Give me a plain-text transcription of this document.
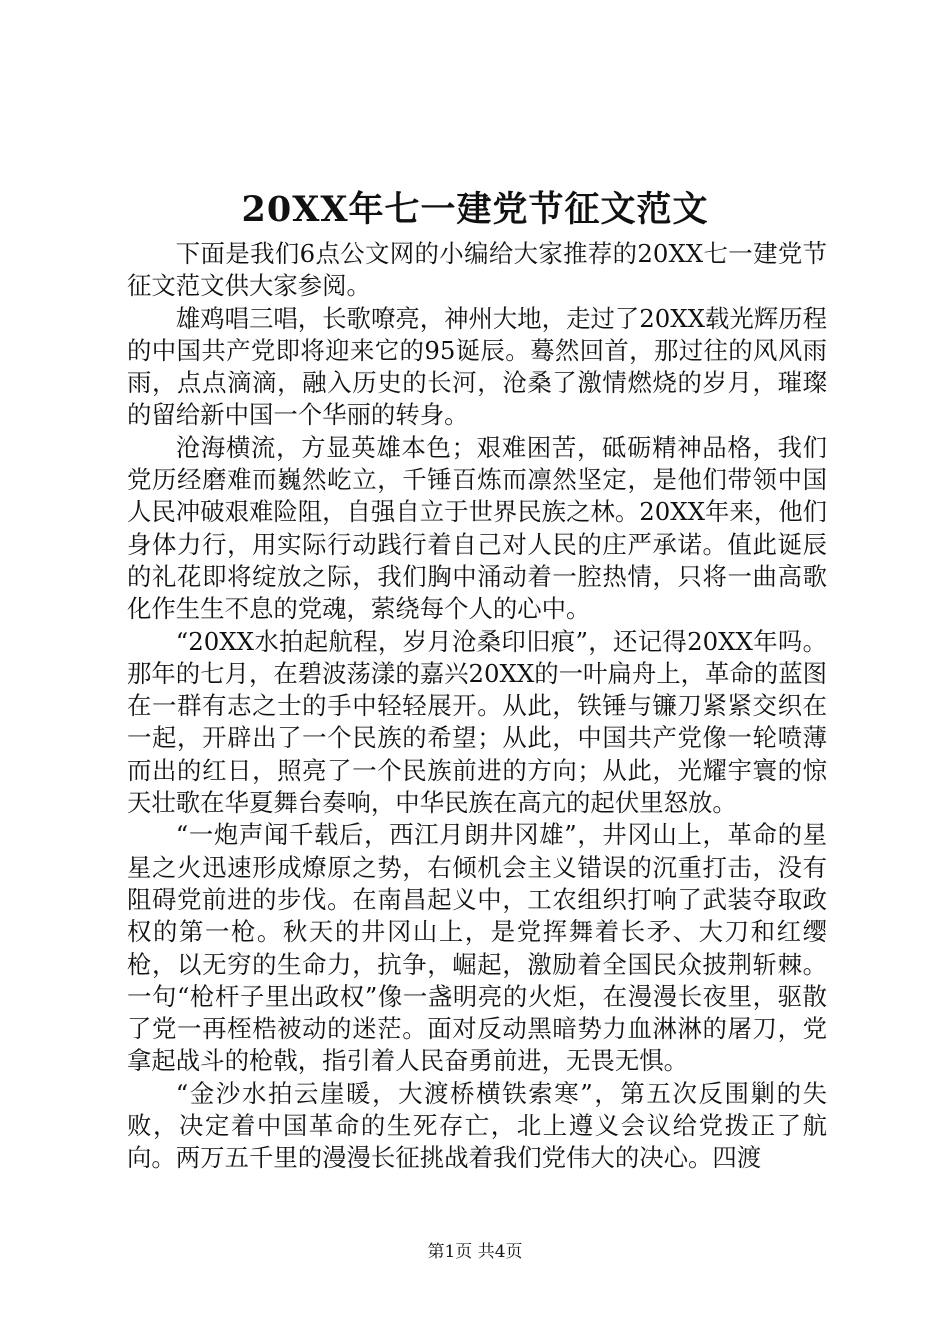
20XX年七一建党节征文范文

下面是我们6点公文网的小编给大家推荐的20XX七一建党节征文范文供大家参阅。

雄鸡唱三唱，长歌嘹亮，神州大地，走过了20XX载光辉历程的中国共产党即将迎来它的95诞辰。蓦然回首，那过往的风风雨雨，点点滴滴，融入历史的长河，沧桑了激情燃烧的岁月，璀璨的留给新中国一个华丽的转身。

沧海横流，方显英雄本色；艰难困苦，砥砺精神品格，我们党历经磨难而巍然屹立，千锤百炼而凛然坚定，是他们带领中国人民冲破艰难险阻，自强自立于世界民族之林。20XX年来，他们身体力行，用实际行动践行着自己对人民的庄严承诺。值此诞辰的礼花即将绽放之际，我们胸中涌动着一腔热情，只将一曲高歌化作生生不息的党魂，萦绕每个人的心中。

“20XX水拍起航程，岁月沧桑印旧痕”，还记得20XX年吗。那年的七月，在碧波荡漾的嘉兴20XX的一叶扁舟上，革命的蓝图在一群有志之士的手中轻轻展开。从此，铁锤与镰刀紧紧交织在一起，开辟出了一个民族的希望；从此，中国共产党像一轮喷薄而出的红日，照亮了一个民族前进的方向；从此，光耀宇寰的惊天壮歌在华夏舞台奏响，中华民族在高亢的起伏里怒放。

“一炮声闻千载后，西江月朗井冈雄”，井冈山上，革命的星星之火迅速形成燎原之势，右倾机会主义错误的沉重打击，没有阻碍党前进的步伐。在南昌起义中，工农组织打响了武装夺取政权的第一枪。秋天的井冈山上，是党挥舞着长矛、大刀和红缨枪，以无穷的生命力，抗争，崛起，激励着全国民众披荆斩棘。一句“枪杆子里出政权”像一盏明亮的火炬，在漫漫长夜里，驱散了党一再桎梏被动的迷茫。面对反动黑暗势力血淋淋的屠刀，党拿起战斗的枪戟，指引着人民奋勇前进，无畏无惧。

“金沙水拍云崖暖，大渡桥横铁索寒”，第五次反围剿的失败，决定着中国革命的生死存亡，北上遵义会议给党拨正了航向。两万五千里的漫漫长征挑战着我们党伟大的决心。四渡

第1页 共4页
